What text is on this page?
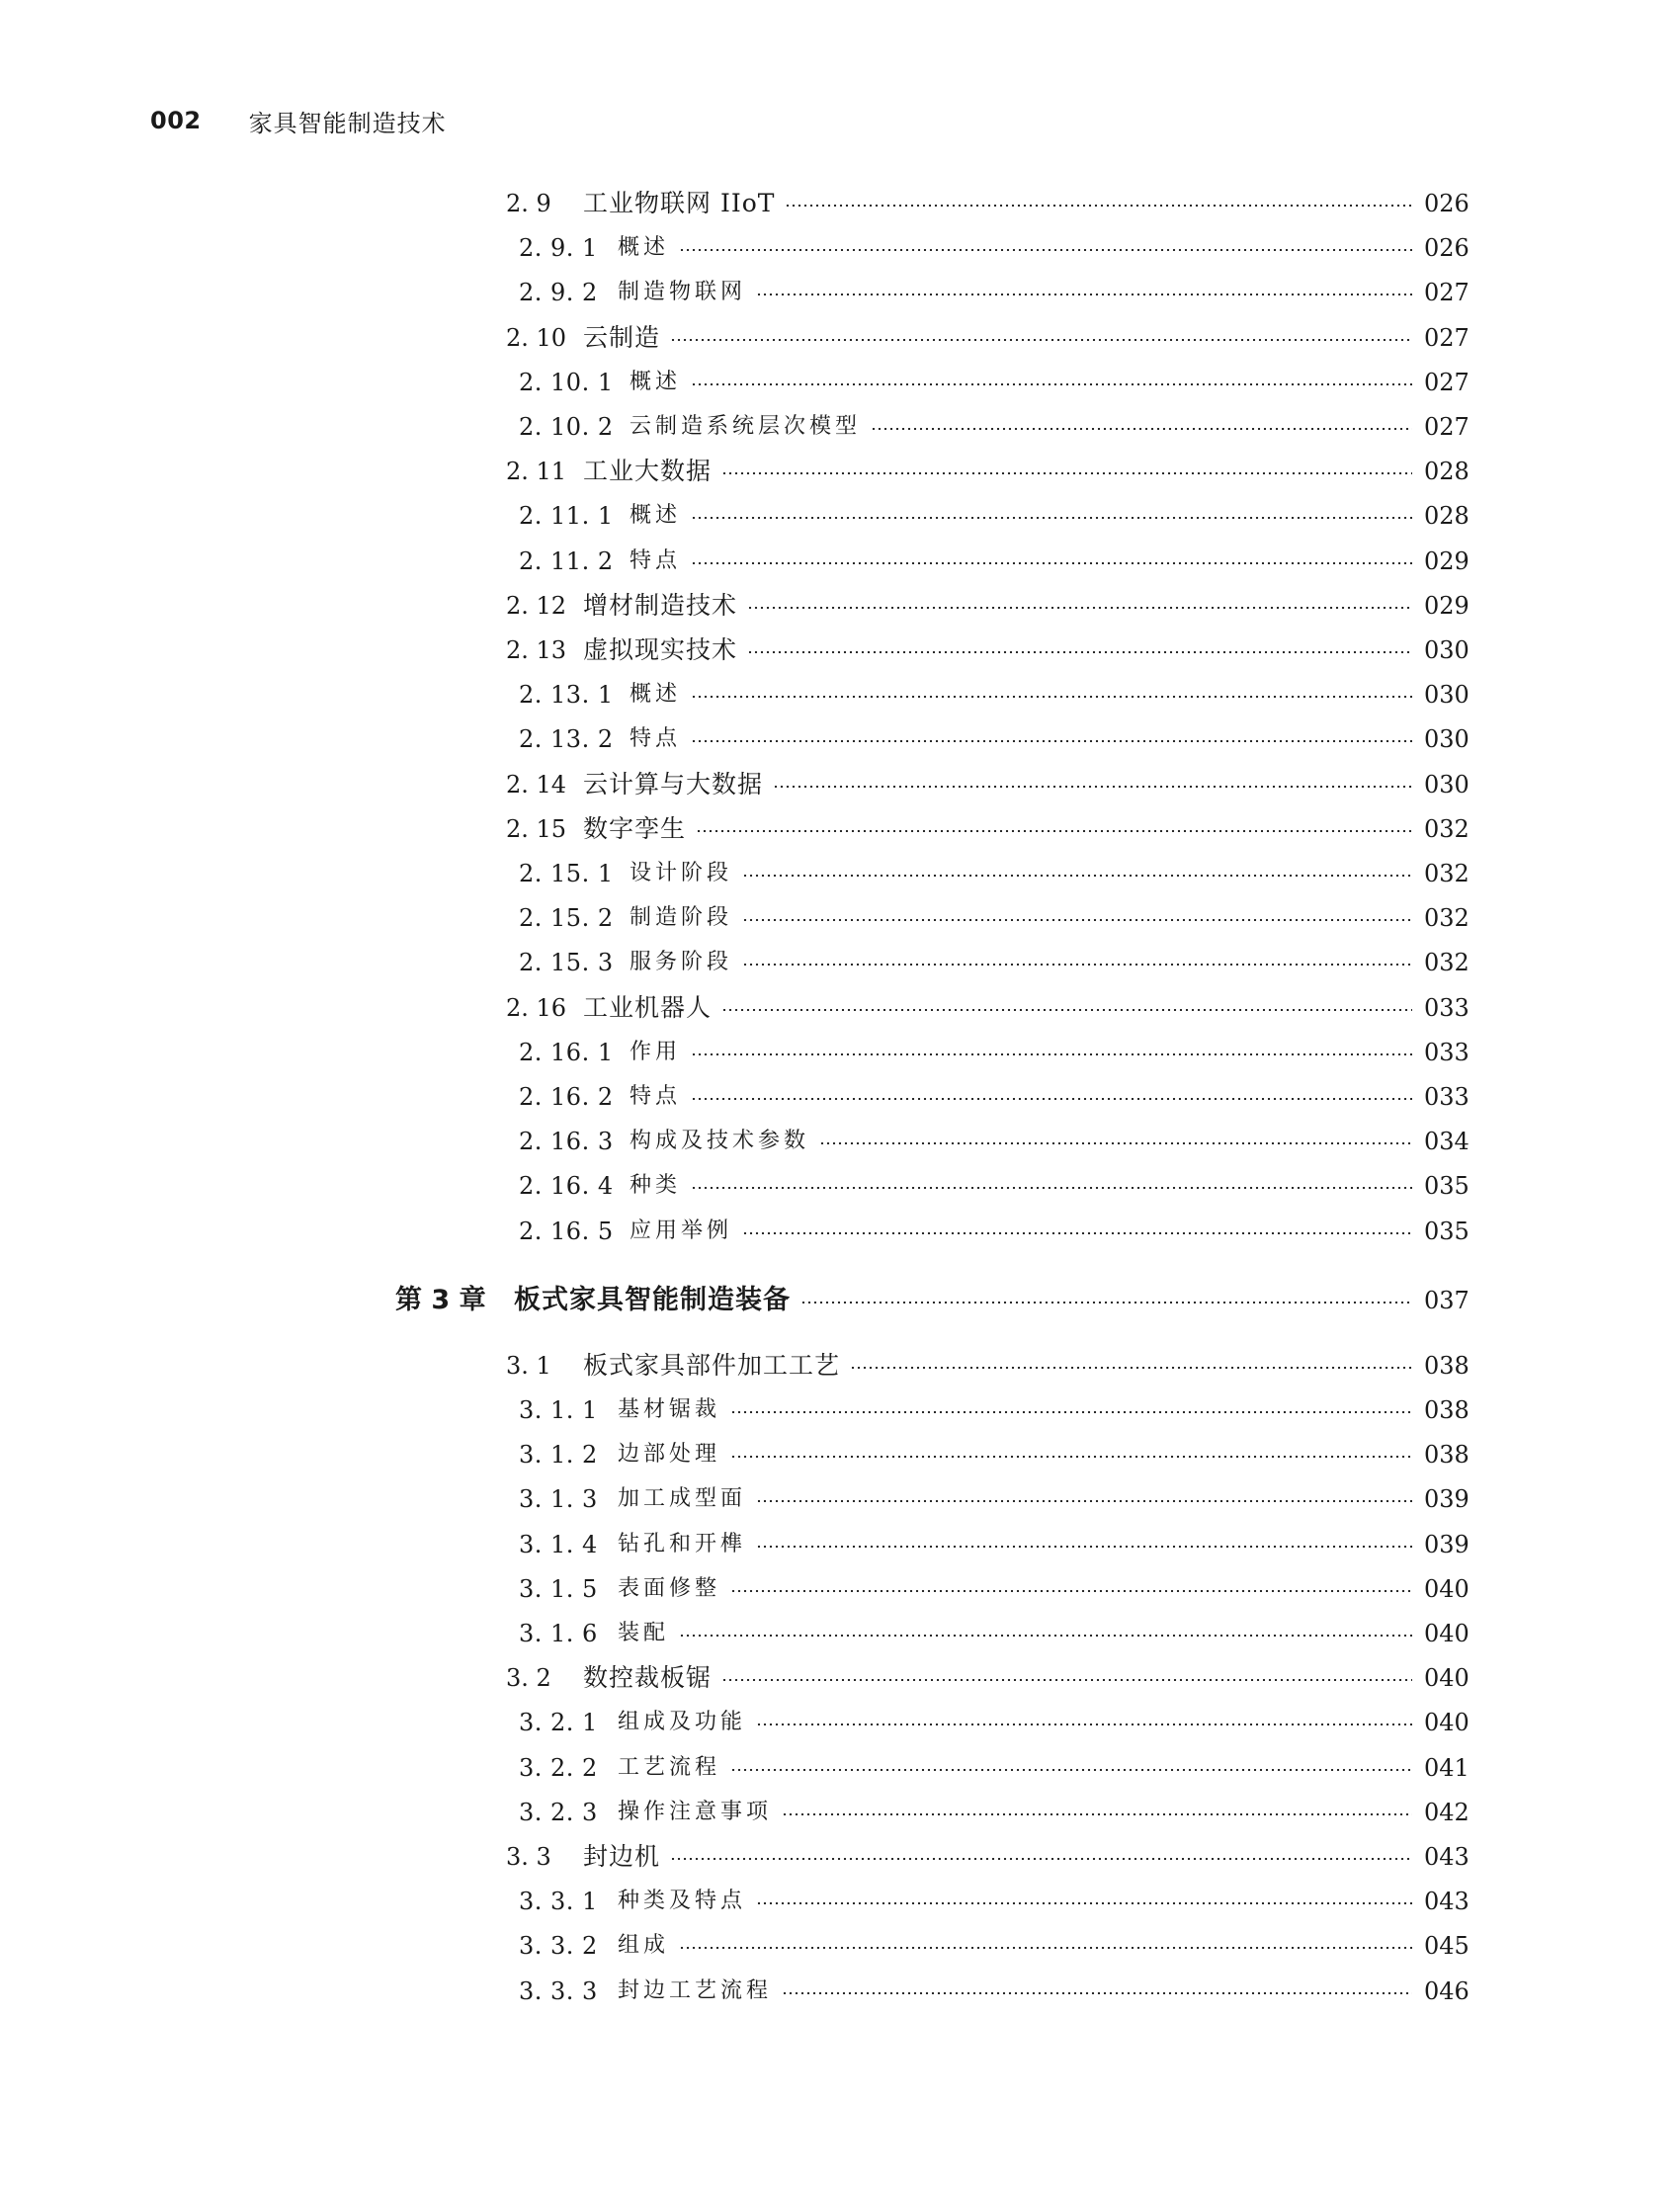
002 家具智能制造技术
2. 9	工业物联网 IIoT	026
2. 9. 1 概述	026
2. 9. 2 制造物联网	027
2. 10 云制造	027
2. 10. 1 概述	027
2. 10. 2 云制造系统层次模型	027
2. 11 工业大数据	028
2. 11. 1 概述	028
2. 11. 2 特点	029
2. 12 增材制造技术	029
2. 13 虚拟现实技术	030
2. 13. 1 概述	030
2. 13. 2 特点	030
2. 14 云计算与大数据	030
2. 15 数字孪生	032
2. 15. 1 设计阶段	032
2. 15. 2 制造阶段	032
2. 15. 3 服务阶段	032
2. 16 工业机器人	033
2. 16. 1 作用	033
2. 16. 2 特点	033
2. 16. 3 构成及技术参数	034
2. 16. 4 种类	035
2. 16. 5 应用举例	035
第 3 章	板式家具智能制造装备	037
3. 1	板式家具部件加工工艺	038
3. 1. 1 基材锯裁	038
3. 1. 2 边部处理	038
3. 1. 3 加工成型面	039
3. 1. 4 钻孔和开榫	039
3. 1. 5 表面修整	040
3. 1. 6 装配	040
3. 2	数控裁板锯	040
3. 2. 1 组成及功能	040
3. 2. 2 工艺流程	041
3. 2. 3 操作注意事项	042
3. 3	封边机	043
3. 3. 1 种类及特点	043
3. 3. 2 组成	045
3. 3. 3 封边工艺流程	046
